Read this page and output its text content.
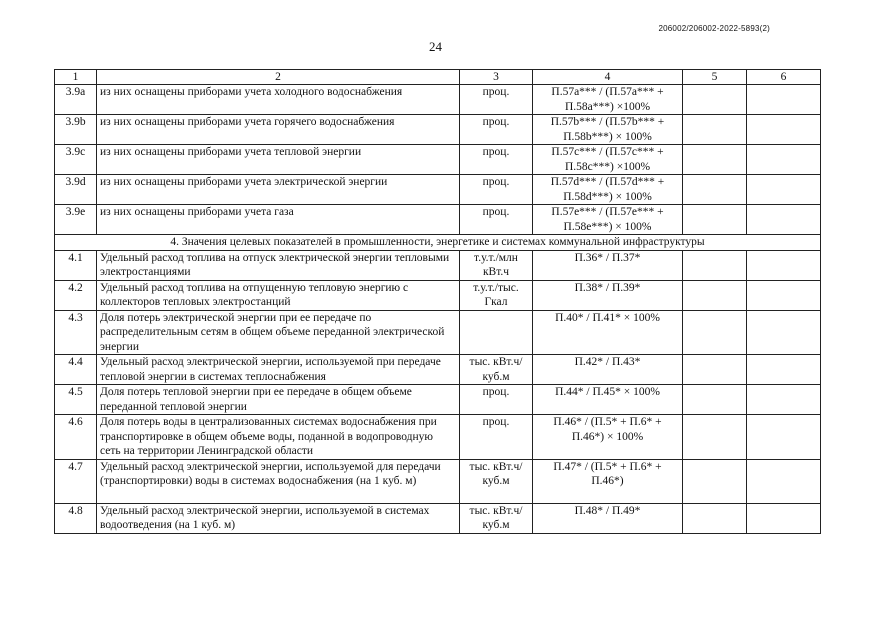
206002/206002-2022-5893(2)
24
1	2	3	4	5	6
3.9a	из них оснащены приборами учета холодного водоснабжения	проц.	П.57a*** / (П.57a*** + П.58a***) ×100%		
3.9b	из них оснащены приборами учета горячего водоснабжения	проц.	П.57b*** / (П.57b*** + П.58b***) × 100%		
3.9c	из них оснащены приборами учета тепловой энергии	проц.	П.57c*** / (П.57c*** + П.58c***) ×100%		
3.9d	из них оснащены приборами учета электрической энергии	проц.	П.57d*** / (П.57d*** + П.58d***) × 100%		
3.9e	из них оснащены приборами учета газа	проц.	П.57e*** / (П.57e*** + П.58e***) × 100%		
4. Значения целевых показателей в промышленности, энергетике и системах коммунальной инфраструктуры					
4.1	Удельный расход топлива на отпуск электрической энергии тепловыми электростанциями	т.у.т./млн кВт.ч	П.36* / П.37*		
4.2	Удельный расход топлива на отпущенную тепловую энергию с коллекторов тепловых электростанций	т.у.т./тыс. Гкал	П.38* / П.39*		
4.3	Доля потерь электрической энергии при ее передаче по распределительным сетям в общем объеме переданной электрической энергии		П.40* / П.41* × 100%		
4.4	Удельный расход электрической энергии, используемой при передаче тепловой энергии в системах теплоснабжения	тыс. кВт.ч/куб.м	П.42* / П.43*		
4.5	Доля потерь тепловой энергии при ее передаче в общем объеме переданной тепловой энергии	проц.	П.44* / П.45* × 100%		
4.6	Доля потерь воды в централизованных системах водоснабжения при транспортировке в общем объеме воды, поданной в водопроводную сеть на территории Ленинградской области	проц.	П.46* / (П.5* + П.6* + П.46*) × 100%		
4.7	Удельный расход электрической энергии, используемой для передачи (транспортировки) воды в системах водоснабжения (на 1 куб. м)	тыс. кВт.ч/куб.м	П.47* / (П.5* + П.6* + П.46*)		
4.8	Удельный расход электрической энергии, используемой в системах водоотведения (на 1 куб. м)	тыс. кВт.ч/куб.м	П.48* / П.49*		
